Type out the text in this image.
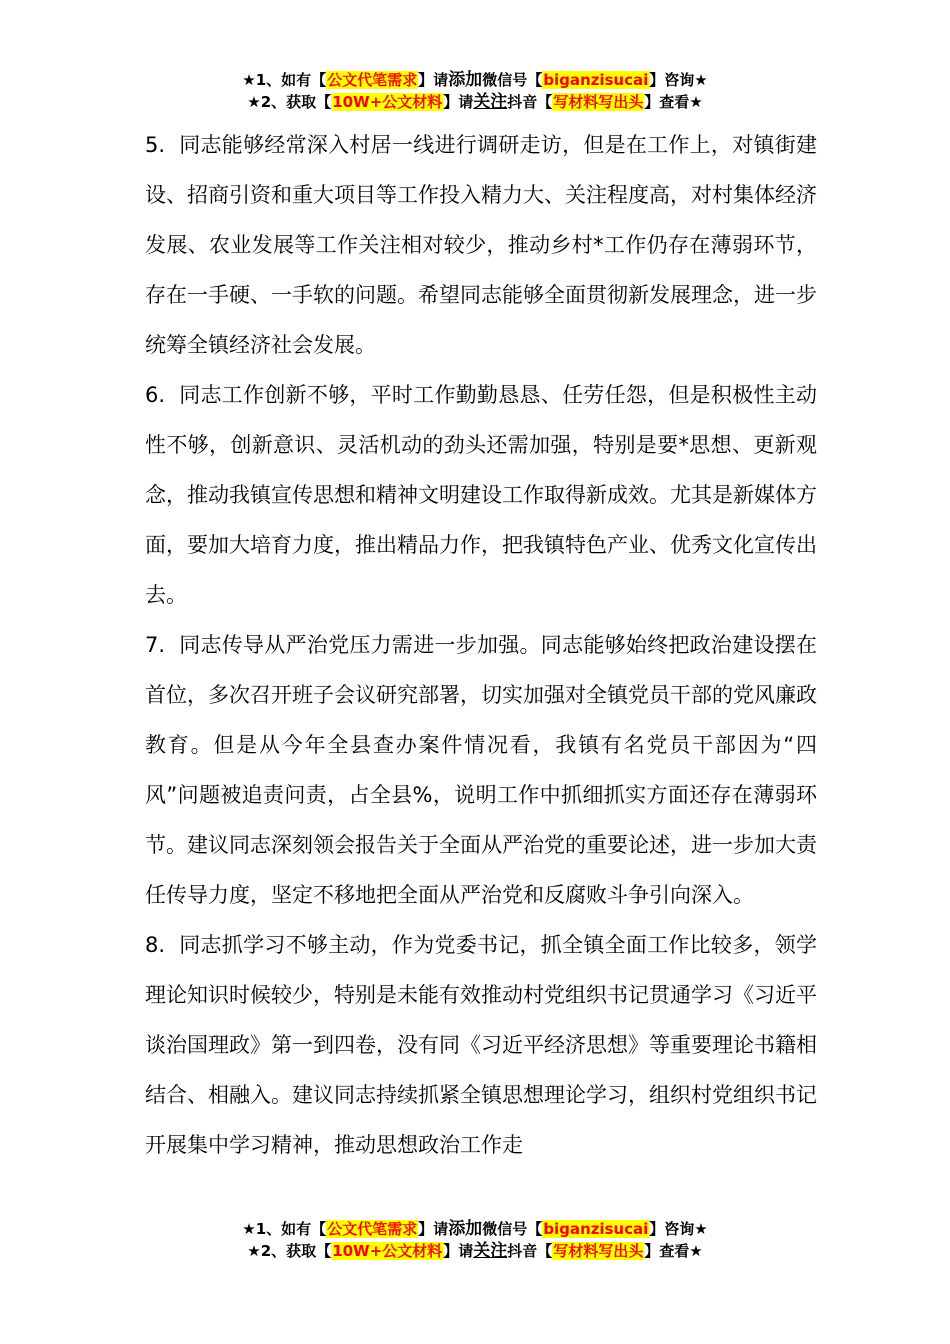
★1、如有【公文代笔需求】请添加微信号【biganzisucai】咨询★
★2、获取【10W+公文材料】请关注抖音【写材料写出头】查看★

5. 同志能够经常深入村居一线进行调研走访，但是在工作上，对镇街建设、招商引资和重大项目等工作投入精力大、关注程度高，对村集体经济发展、农业发展等工作关注相对较少，推动乡村*工作仍存在薄弱环节，存在一手硬、一手软的问题。希望同志能够全面贯彻新发展理念，进一步统筹全镇经济社会发展。

6. 同志工作创新不够，平时工作勤勤恳恳、任劳任怨，但是积极性主动性不够，创新意识、灵活机动的劲头还需加强，特别是要*思想、更新观念，推动我镇宣传思想和精神文明建设工作取得新成效。尤其是新媒体方面，要加大培育力度，推出精品力作，把我镇特色产业、优秀文化宣传出去。

7. 同志传导从严治党压力需进一步加强。同志能够始终把政治建设摆在首位，多次召开班子会议研究部署，切实加强对全镇党员干部的党风廉政教育。但是从今年全县查办案件情况看，我镇有名党员干部因为“四风”问题被追责问责，占全县%，说明工作中抓细抓实方面还存在薄弱环节。建议同志深刻领会报告关于全面从严治党的重要论述，进一步加大责任传导力度，坚定不移地把全面从严治党和反腐败斗争引向深入。

8. 同志抓学习不够主动，作为党委书记，抓全镇全面工作比较多，领学理论知识时候较少，特别是未能有效推动村党组织书记贯通学习《习近平谈治国理政》第一到四卷，没有同《习近平经济思想》等重要理论书籍相结合、相融入。建议同志持续抓紧全镇思想理论学习，组织村党组织书记开展集中学习精神，推动思想政治工作走

★1、如有【公文代笔需求】请添加微信号【biganzisucai】咨询★
★2、获取【10W+公文材料】请关注抖音【写材料写出头】查看★
